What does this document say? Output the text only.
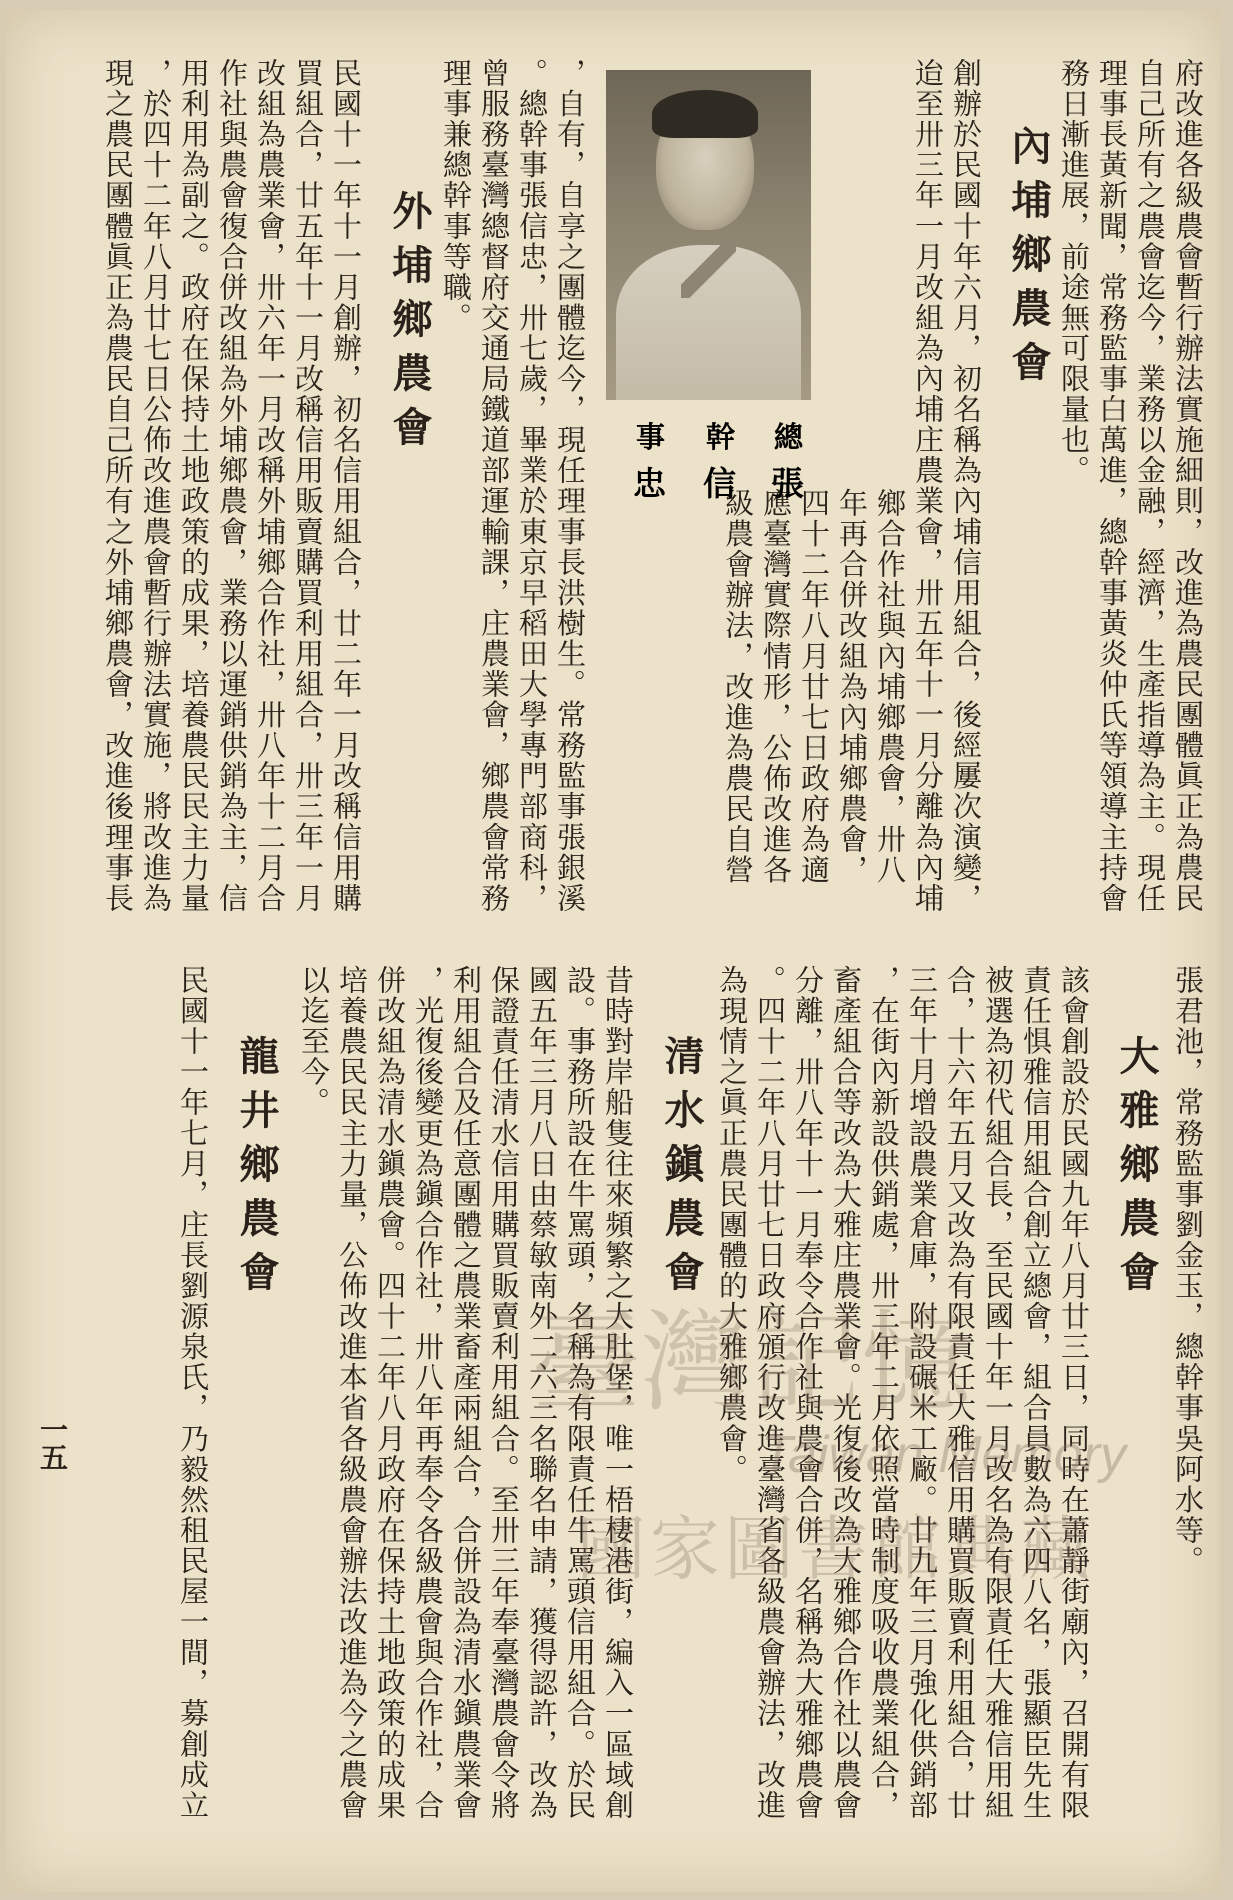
府改進各級農會暫行辦法實施細則，改進為農民團體眞正為農民
自己所有之農會迄今，業務以金融，經濟，生產指導為主。現任
理事長黃新聞，常務監事白萬進，總幹事黃炎仲氏等領導主持會
務日漸進展，前途無可限量也。
內埔鄉農會
創辦於民國十年六月，初名稱為內埔信用組合，後經屢次演變，
迨至卅三年一月改組為內埔庄農業會，卅五年十一月分離為內埔
鄉合作社與內埔鄉農會，卅八
年再合併改組為內埔鄉農會，
四十二年八月廿七日政府為適
應臺灣實際情形，公佈改進各
級農會辦法，改進為農民自營
總
幹
事
張
信
忠
，自有，自享之團體迄今，現任理事長洪樹生。常務監事張銀溪
。總幹事張信忠，卅七歲，畢業於東京早稻田大學專門部商科，
曾服務臺灣總督府交通局鐵道部運輸課，庄農業會，鄉農會常務
理事兼總幹事等職。
外埔鄉農會
民國十一年十一月創辦，初名信用組合，廿二年一月改稱信用購
買組合，廿五年十一月改稱信用販賣購買利用組合，卅三年一月
改組為農業會，卅六年一月改稱外埔鄉合作社，卅八年十二月合
作社與農會復合併改組為外埔鄉農會，業務以運銷供銷為主，信
用利用為副之。政府在保持土地政策的成果，培養農民民主力量
，於四十二年八月廿七日公佈改進農會暫行辦法實施，將改進為
現之農民團體眞正為農民自己所有之外埔鄉農會，改進後理事長
張君池，常務監事劉金玉，總幹事吳阿水等。
大雅鄉農會
該會創設於民國九年八月廿三日，同時在蕭靜街廟內，召開有限
責任惧雅信用組合創立總會，組合員數為六四八名，張顯臣先生
被選為初代組合長，至民國十年一月改名為有限責任大雅信用組
合，十六年五月又改為有限責任大雅信用購買販賣利用組合，廿
三年十月增設農業倉庫，附設碾米工廠。廿九年三月強化供銷部
，在街內新設供銷處，卅三年二月依照當時制度吸收農業組合，
畜產組合等改為大雅庄農業會。光復後改為大雅鄉合作社以農會
分離，卅八年十一月奉令合作社與農會合併，名稱為大雅鄉農會
。四十二年八月廿七日政府頒行改進臺灣省各級農會辦法，改進
為現情之眞正農民團體的大雅鄉農會。
清水鎭農會
昔時對岸船隻往來頻繁之大肚堡，唯一梧棲港街，編入一區域創
設。事務所設在牛罵頭，名稱為有限責任牛罵頭信用組合。於民
國五年三月八日由蔡敏南外二六三名聯名申請，獲得認許，改為
保證責任清水信用購買販賣利用組合。至卅三年奉臺灣農會令將
利用組合及任意團體之農業畜產兩組合，合併設為清水鎭農業會
，光復後變更為鎭合作社，卅八年再奉令各級農會與合作社，合
併改組為清水鎭農會。四十二年八月政府在保持土地政策的成果
培養農民民主力量，公佈改進本省各級農會辦法改進為今之農會
以迄至今。
龍井鄉農會
民國十一年七月，庄長劉源泉氏，乃毅然租民屋一間，募創成立
一五
臺灣記憶
Taiwan Memory
國家圖書館典藏
